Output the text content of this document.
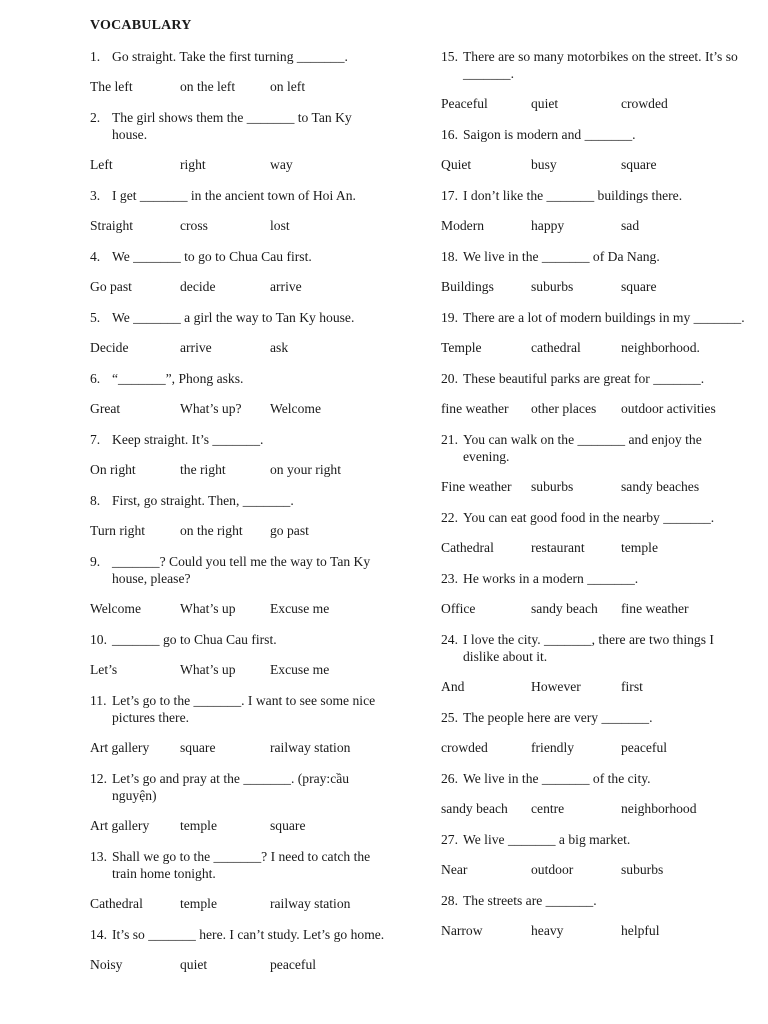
VOCABULARY
1. Go straight. Take the first turning _______.
The left	on the left	on left
2. The girl shows them the _______ to Tan Ky house.
Left	right	way
3. I get _______ in the ancient town of Hoi An.
Straight	cross	lost
4. We _______ to go to Chua Cau first.
Go past	decide	arrive
5. We _______ a girl the way to Tan Ky house.
Decide	arrive	ask
6. “_______”, Phong asks.
Great	What’s up?	Welcome
7. Keep straight. It’s _______.
On right	the right	on your right
8. First, go straight. Then, _______.
Turn right	on the right	go past
9. _______? Could you tell me the way to Tan Ky house, please?
Welcome	What’s up	Excuse me
10. _______ go to Chua Cau first.
Let’s	What’s up	Excuse me
11. Let’s go to the _______. I want to see some nice pictures there.
Art gallery	square	railway station
12. Let’s go and pray at the _______. (pray:cầu nguyện)
Art gallery	temple	square
13. Shall we go to the _______? I need to catch the train home tonight.
Cathedral	temple	railway station
14. It’s so _______ here. I can’t study. Let’s go home.
Noisy	quiet	peaceful
15. There are so many motorbikes on the street. It’s so _______.
Peaceful	quiet	crowded
16. Saigon is modern and _______.
Quiet	busy	square
17. I don’t like the _______ buildings there.
Modern	happy	sad
18. We live in the _______ of Da Nang.
Buildings	suburbs	square
19. There are a lot of modern buildings in my _______.
Temple	cathedral	neighborhood.
20. These beautiful parks are great for _______.
fine weather	other places	outdoor activities
21. You can walk on the _______ and enjoy the evening.
Fine weather	suburbs	sandy beaches
22. You can eat good food in the nearby _______.
Cathedral	restaurant	temple
23. He works in a modern _______.
Office	sandy beach	fine weather
24. I love the city. _______, there are two things I dislike about it.
And	However	first
25. The people here are very _______.
crowded	friendly	peaceful
26. We live in the _______ of the city.
sandy beach	centre	neighborhood
27. We live _______ a big market.
Near	outdoor	suburbs
28. The streets are _______.
Narrow	heavy	helpful
